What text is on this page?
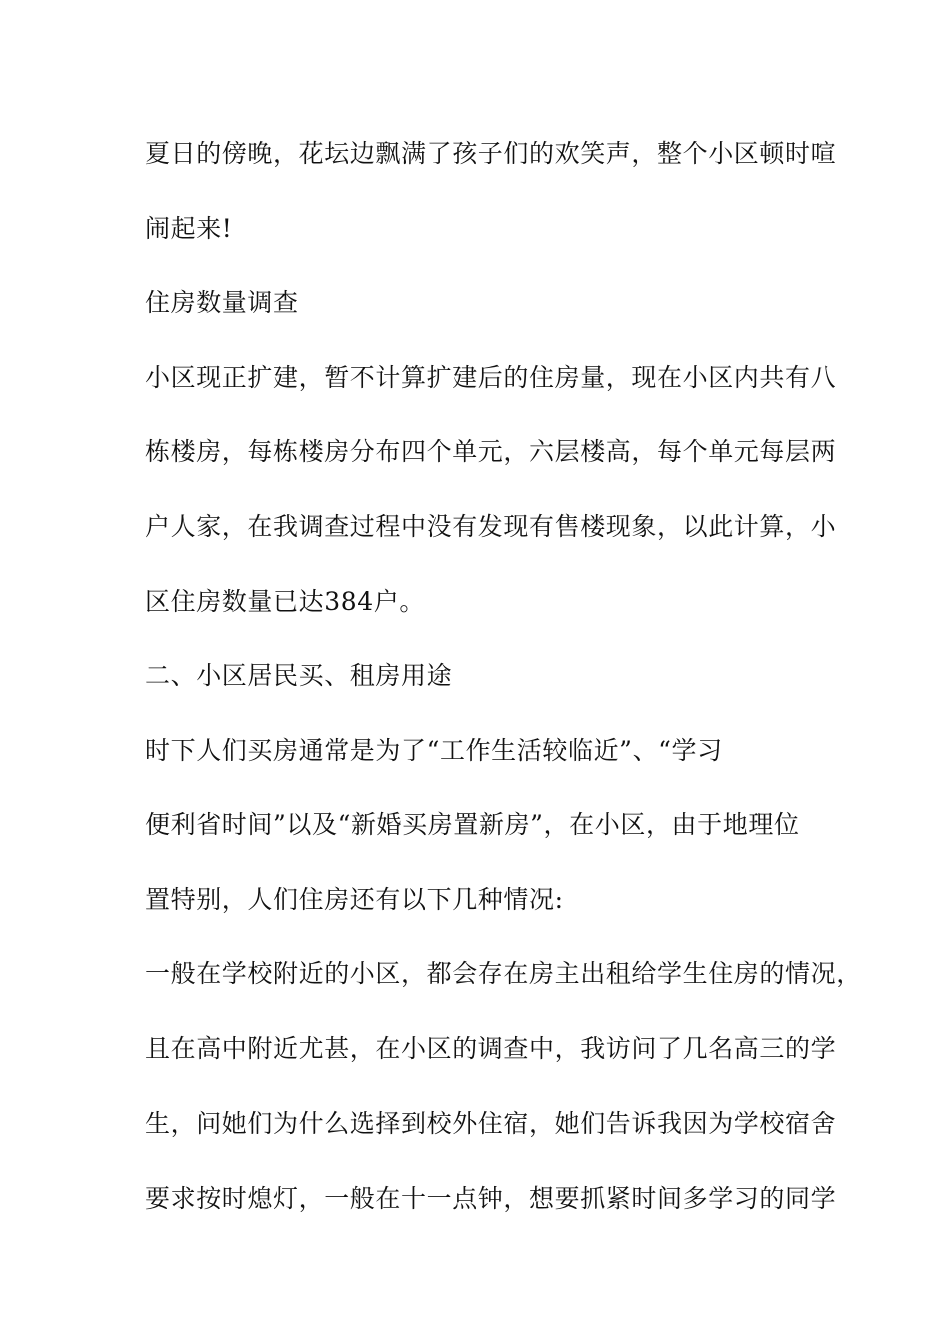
夏日的傍晚，花坛边飘满了孩子们的欢笑声，整个小区顿时喧
闹起来!
住房数量调查
小区现正扩建，暂不计算扩建后的住房量，现在小区内共有八
栋楼房，每栋楼房分布四个单元，六层楼高，每个单元每层两
户人家，在我调查过程中没有发现有售楼现象，以此计算，小
区住房数量已达384户。
二、小区居民买、租房用途
时下人们买房通常是为了“工作生活较临近”、“学习
便利省时间”以及“新婚买房置新房”，在小区，由于地理位
置特别，人们住房还有以下几种情况:
一般在学校附近的小区，都会存在房主出租给学生住房的情况，
且在高中附近尤甚，在小区的调查中，我访问了几名高三的学
生，问她们为什么选择到校外住宿，她们告诉我因为学校宿舍
要求按时熄灯，一般在十一点钟，想要抓紧时间多学习的同学
